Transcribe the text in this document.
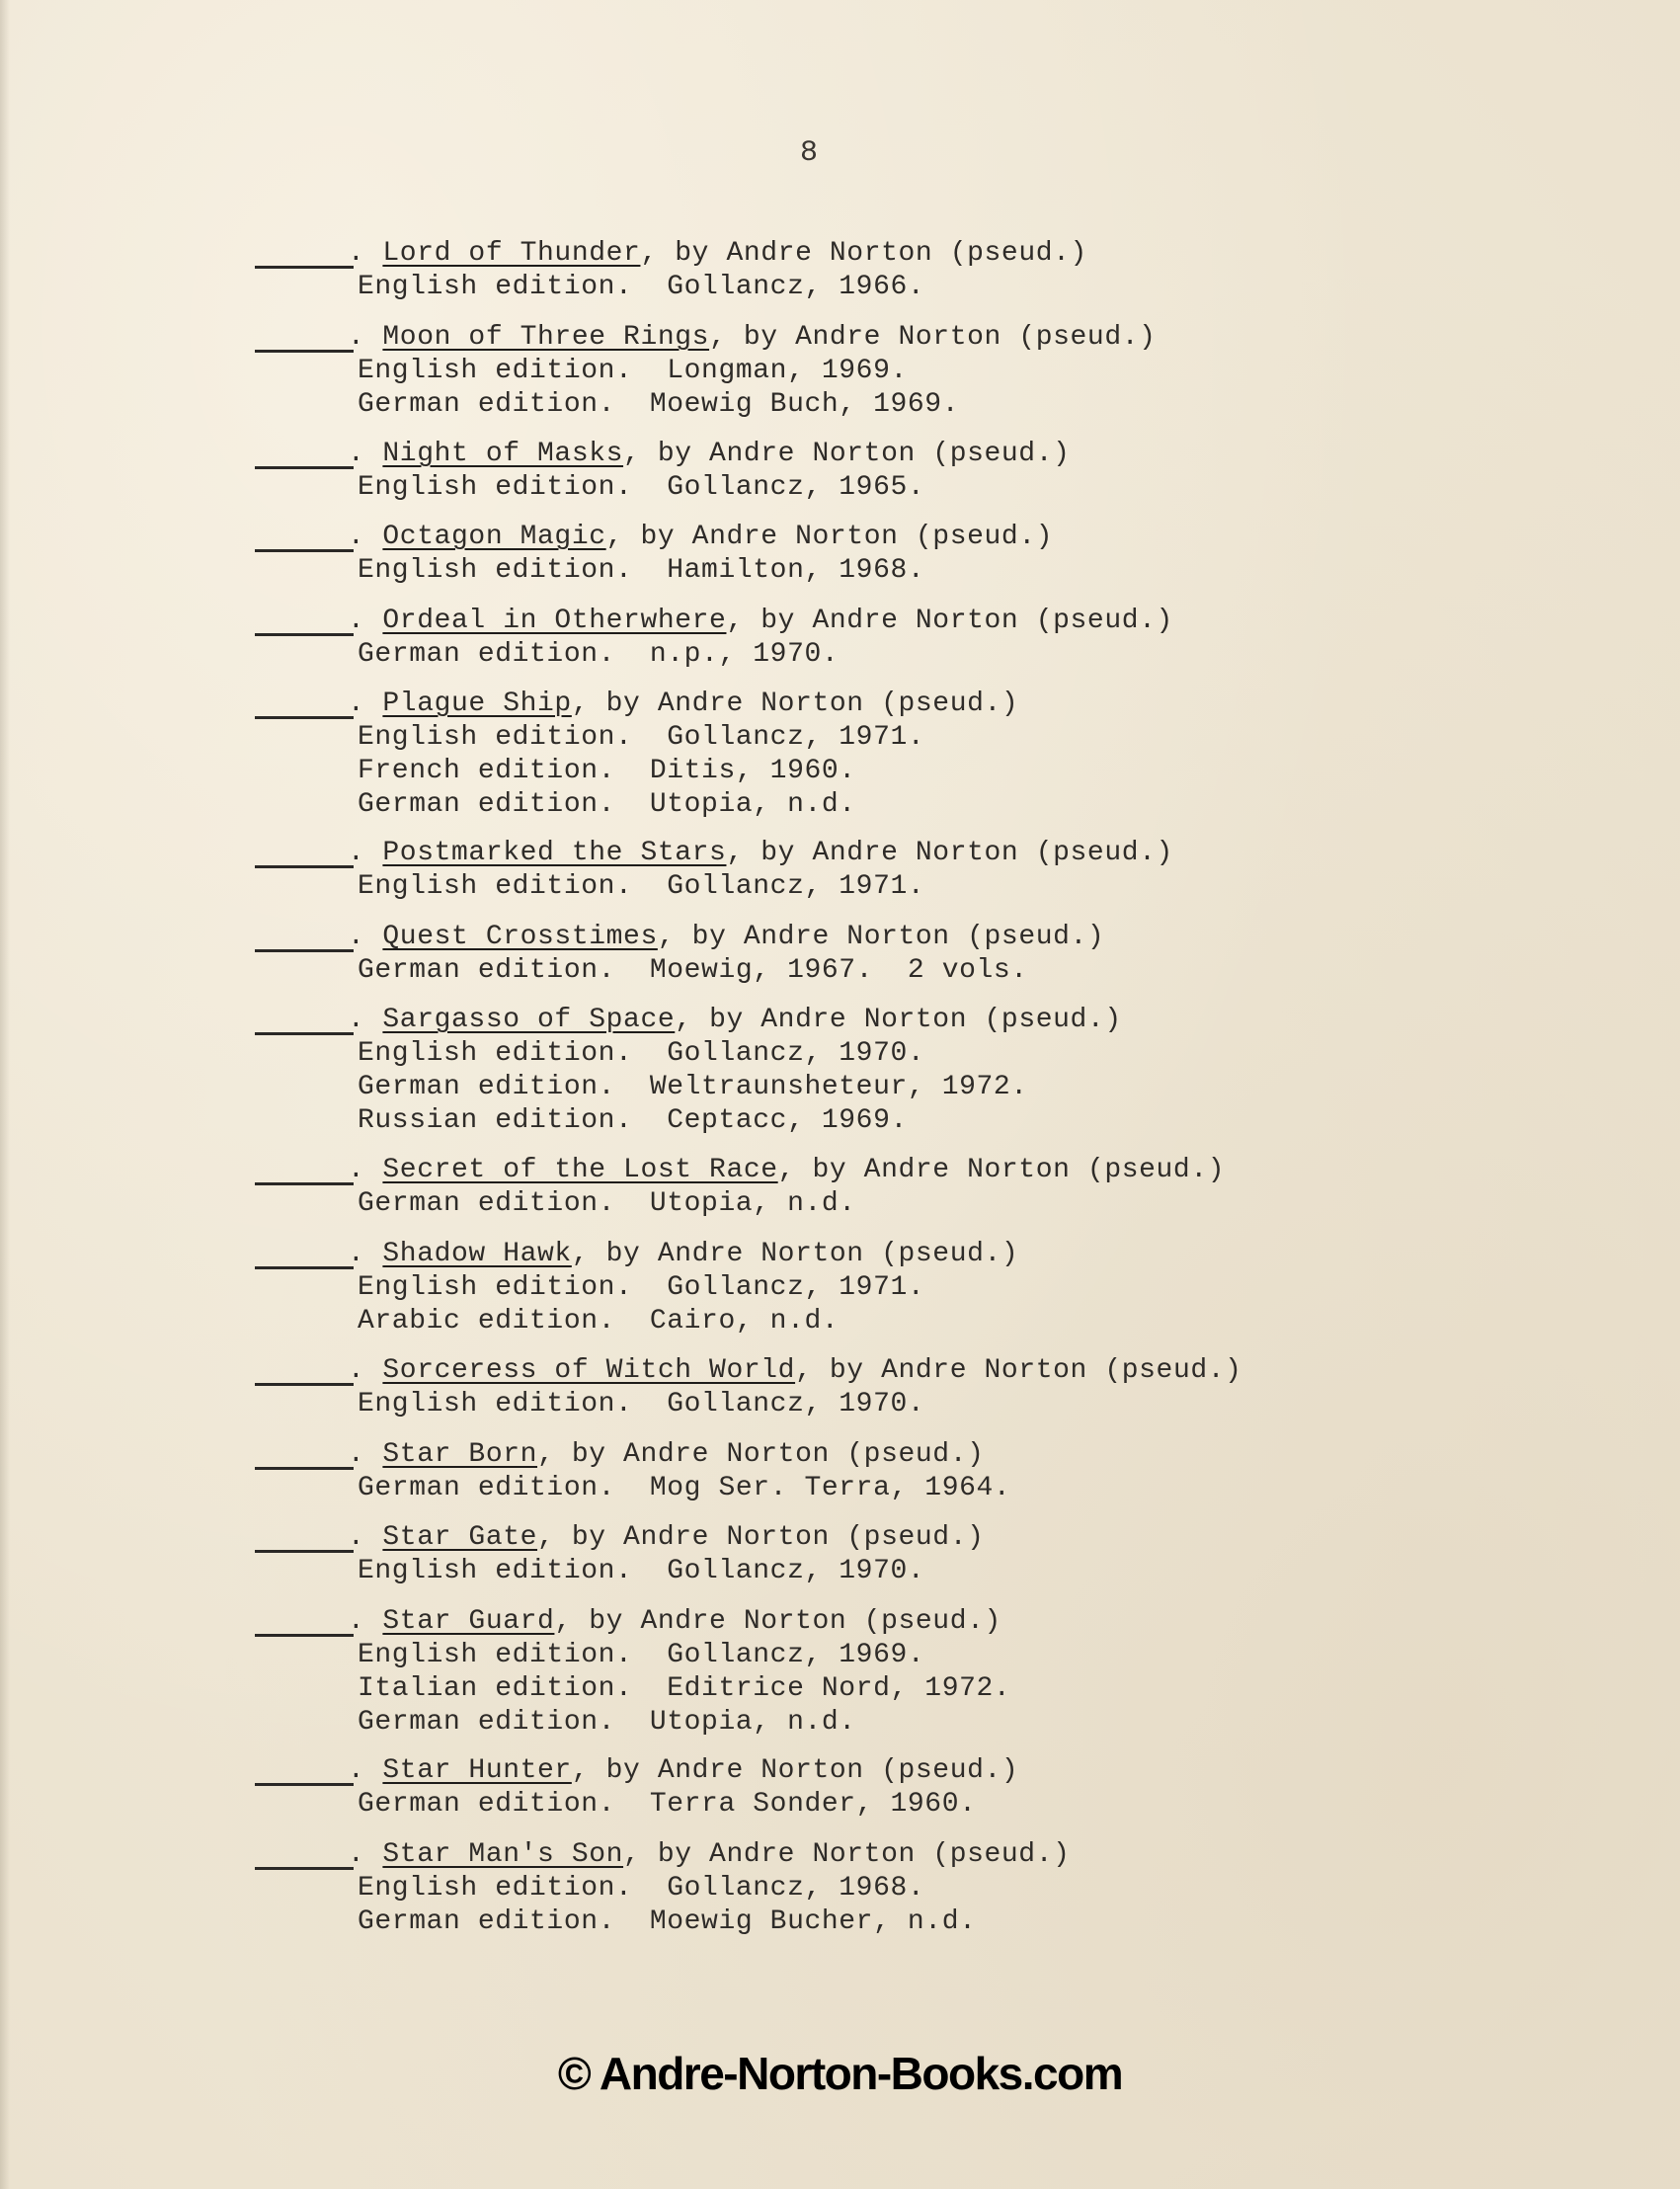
8
. Lord of Thunder, by Andre Norton (pseud.)
English edition.  Gollancz, 1966.
. Moon of Three Rings, by Andre Norton (pseud.)
English edition.  Longman, 1969.
German edition.  Moewig Buch, 1969.
. Night of Masks, by Andre Norton (pseud.)
English edition.  Gollancz, 1965.
. Octagon Magic, by Andre Norton (pseud.)
English edition.  Hamilton, 1968.
. Ordeal in Otherwhere, by Andre Norton (pseud.)
German edition.  n.p., 1970.
. Plague Ship, by Andre Norton (pseud.)
English edition.  Gollancz, 1971.
French edition.  Ditis, 1960.
German edition.  Utopia, n.d.
. Postmarked the Stars, by Andre Norton (pseud.)
English edition.  Gollancz, 1971.
. Quest Crosstimes, by Andre Norton (pseud.)
German edition.  Moewig, 1967.  2 vols.
. Sargasso of Space, by Andre Norton (pseud.)
English edition.  Gollancz, 1970.
German edition.  Weltraunsheteur, 1972.
Russian edition.  Ceptacc, 1969.
. Secret of the Lost Race, by Andre Norton (pseud.)
German edition.  Utopia, n.d.
. Shadow Hawk, by Andre Norton (pseud.)
English edition.  Gollancz, 1971.
Arabic edition.  Cairo, n.d.
. Sorceress of Witch World, by Andre Norton (pseud.)
English edition.  Gollancz, 1970.
. Star Born, by Andre Norton (pseud.)
German edition.  Mog Ser. Terra, 1964.
. Star Gate, by Andre Norton (pseud.)
English edition.  Gollancz, 1970.
. Star Guard, by Andre Norton (pseud.)
English edition.  Gollancz, 1969.
Italian edition.  Editrice Nord, 1972.
German edition.  Utopia, n.d.
. Star Hunter, by Andre Norton (pseud.)
German edition.  Terra Sonder, 1960.
. Star Man's Son, by Andre Norton (pseud.)
English edition.  Gollancz, 1968.
German edition.  Moewig Bucher, n.d.
© Andre-Norton-Books.com
